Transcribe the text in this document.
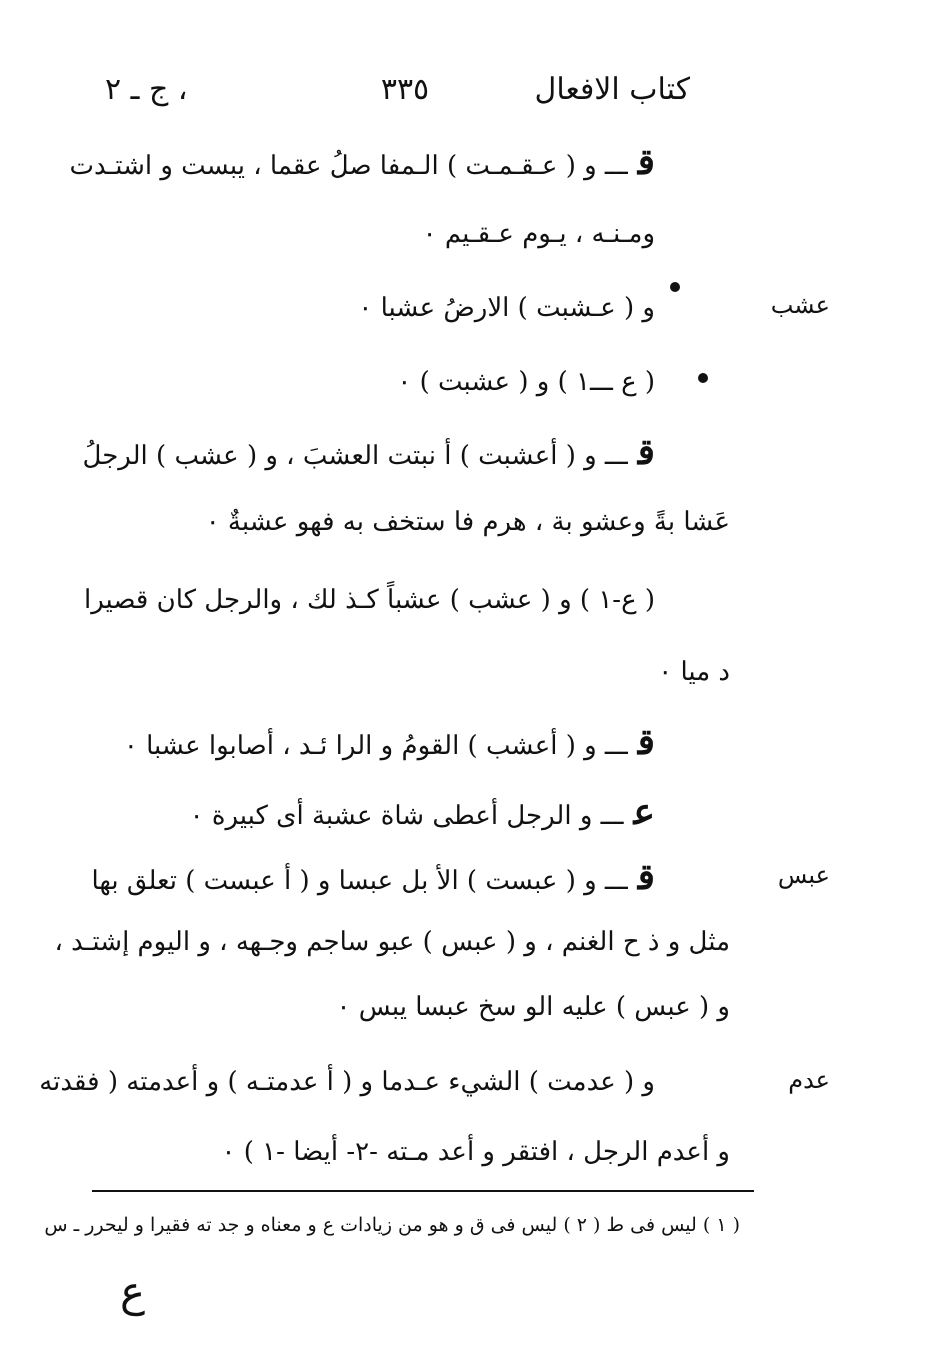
كتاب الافعال
٣٣٥
ج ـ ٢ ،
قـــ و ( عـقـمـت ) الـمفا صلُ عقما ، يبست و اشتـدت
ومـنـه ، يـوم عـقـيم ٠
عشب
و ( عـشبت ) الارضُ عشبا ٠
( ع ـــ١ ) و ( عشبت ) ٠
قـــ و ( أعشبت ) أ نبتت العشبَ ، و ( عشب ) الرجلُ
عَشا بةً وعشو بة ، هرم فا ستخف به فهو عشبةٌ ٠
( ع-١ ) و ( عشب ) عشباً كـذ لك ، والرجل كان قصيرا
د ميا ٠
قـــ و ( أعشب ) القومُ و الرا ئـد ، أصابوا عشبا ٠
عـــ و الرجل أعطى شاة عشبة أى كبيرة ٠
عبس
قـــ و ( عبست ) الأ بل عبسا و ( أ عبست ) تعلق بها
مثل و ذ ح الغنم ، و ( عبس ) عبو ساجم وجـهه ، و اليوم إشتـد ،
و ( عبس ) عليه الو سخ عبسا يبس ٠
عدم
و ( عدمت ) الشيء عـدما و ( أ عدمتـه ) و أعدمته ( فقدته
و أعدم الرجل ، افتقر و أعد مـته -٢- أيضا -١ ) ٠
( ١ ) ليس فى ط ( ٢ ) ليس فى ق و هو من زيادات ع و معناه و جد ته فقيرا و ليحرر ـ س
ع
